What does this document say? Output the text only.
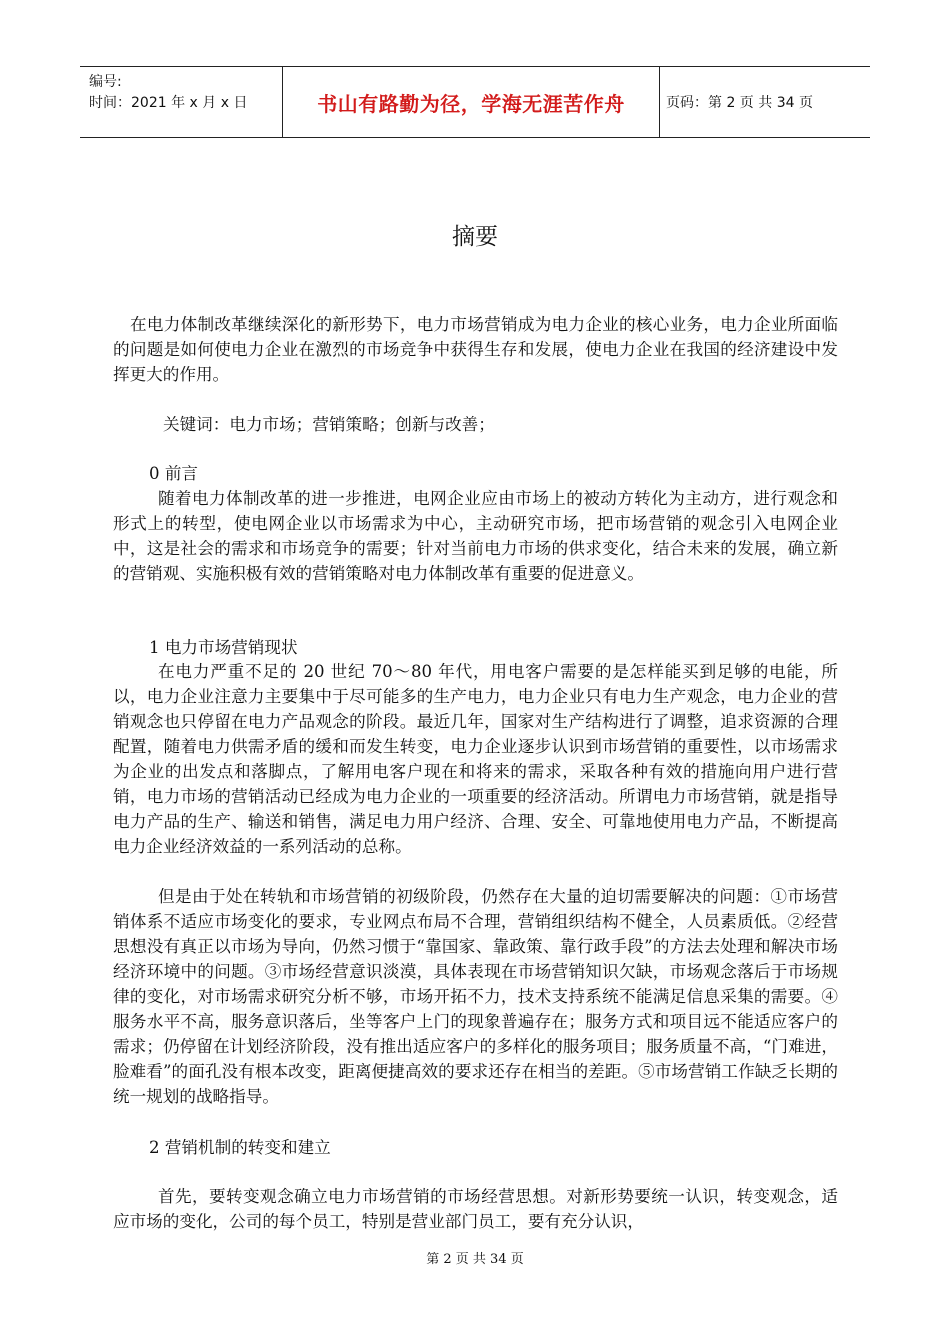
编号:
时间：2021 年 x 月 x 日	书山有路勤为径，学海无涯苦作舟	页码：第 2 页 共 34 页
摘要

在电力体制改革继续深化的新形势下，电力市场营销成为电力企业的核心业务，电力企业所面临的问题是如何使电力企业在激烈的市场竞争中获得生存和发展，使电力企业在我国的经济建设中发挥更大的作用。

关键词：电力市场；营销策略；创新与改善；

0 前言

随着电力体制改革的进一步推进，电网企业应由市场上的被动方转化为主动方，进行观念和形式上的转型，使电网企业以市场需求为中心，主动研究市场，把市场营销的观念引入电网企业中，这是社会的需求和市场竞争的需要；针对当前电力市场的供求变化，结合未来的发展，确立新的营销观、实施积极有效的营销策略对电力体制改革有重要的促进意义。

1 电力市场营销现状

在电力严重不足的 20 世纪 70～80 年代，用电客户需要的是怎样能买到足够的电能，所以，电力企业注意力主要集中于尽可能多的生产电力，电力企业只有电力生产观念，电力企业的营销观念也只停留在电力产品观念的阶段。最近几年，国家对生产结构进行了调整，追求资源的合理配置，随着电力供需矛盾的缓和而发生转变，电力企业逐步认识到市场营销的重要性，以市场需求为企业的出发点和落脚点，了解用电客户现在和将来的需求，采取各种有效的措施向用户进行营销，电力市场的营销活动已经成为电力企业的一项重要的经济活动。所谓电力市场营销，就是指导电力产品的生产、输送和销售，满足电力用户经济、合理、安全、可靠地使用电力产品，不断提高电力企业经济效益的一系列活动的总称。

但是由于处在转轨和市场营销的初级阶段，仍然存在大量的迫切需要解决的问题：①市场营销体系不适应市场变化的要求，专业网点布局不合理，营销组织结构不健全，人员素质低。②经营思想没有真正以市场为导向，仍然习惯于“靠国家、靠政策、靠行政手段”的方法去处理和解决市场经济环境中的问题。③市场经营意识淡漠，具体表现在市场营销知识欠缺，市场观念落后于市场规律的变化，对市场需求研究分析不够，市场开拓不力，技术支持系统不能满足信息采集的需要。④服务水平不高，服务意识落后，坐等客户上门的现象普遍存在；服务方式和项目远不能适应客户的需求；仍停留在计划经济阶段，没有推出适应客户的多样化的服务项目；服务质量不高，“门难进，脸难看”的面孔没有根本改变，距离便捷高效的要求还存在相当的差距。⑤市场营销工作缺乏长期的统一规划的战略指导。

2 营销机制的转变和建立

首先，要转变观念确立电力市场营销的市场经营思想。对新形势要统一认识，转变观念，适应市场的变化，公司的每个员工，特别是营业部门员工，要有充分认识，

第 2 页 共 34 页
